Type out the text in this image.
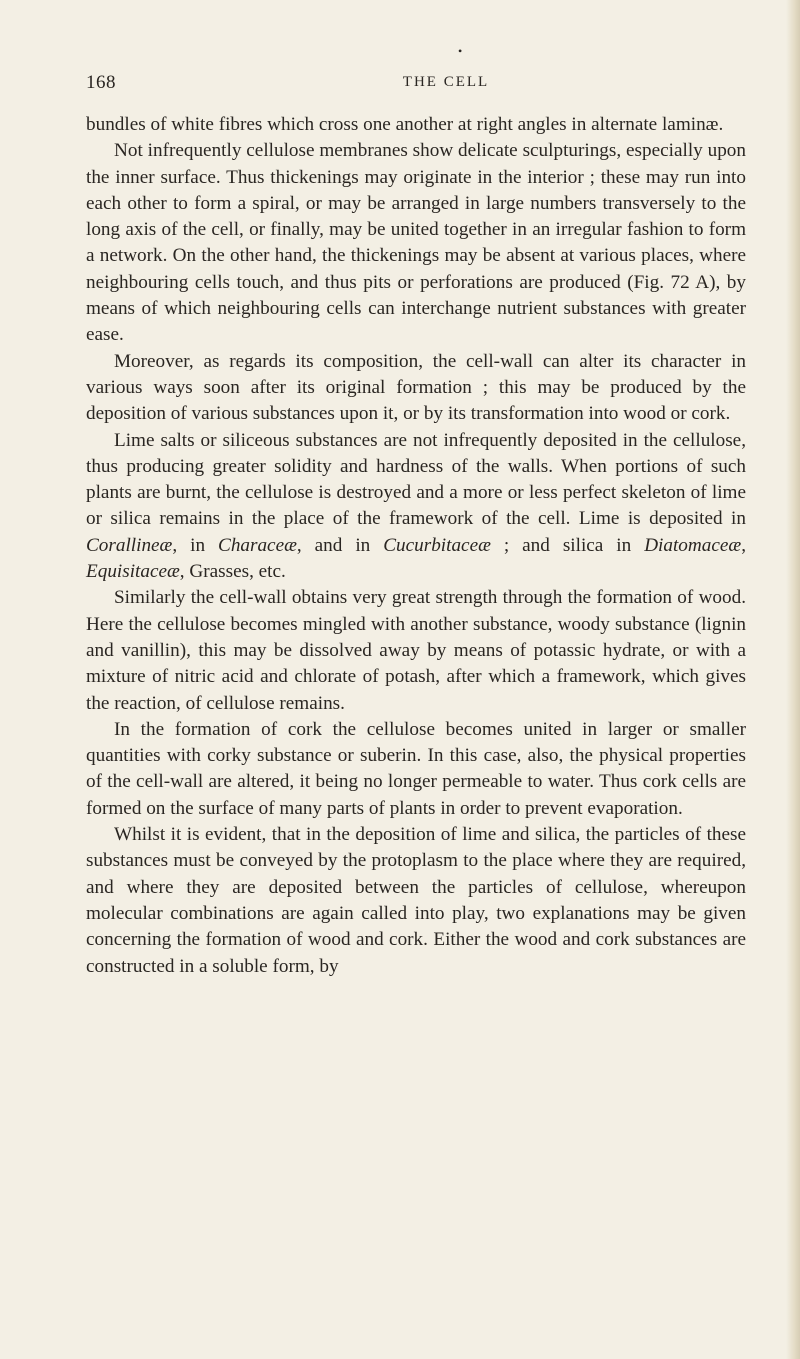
•
168	THE CELL

bundles of white fibres which cross one another at right angles in alternate laminæ.

Not infrequently cellulose membranes show delicate sculpturings, especially upon the inner surface. Thus thickenings may originate in the interior ; these may run into each other to form a spiral, or may be arranged in large numbers transversely to the long axis of the cell, or finally, may be united together in an irregular fashion to form a network. On the other hand, the thickenings may be absent at various places, where neighbouring cells touch, and thus pits or perforations are produced (Fig. 72 A), by means of which neighbouring cells can interchange nutrient substances with greater ease.

Moreover, as regards its composition, the cell-wall can alter its character in various ways soon after its original formation ; this may be produced by the deposition of various substances upon it, or by its transformation into wood or cork.

Lime salts or siliceous substances are not infrequently deposited in the cellulose, thus producing greater solidity and hardness of the walls. When portions of such plants are burnt, the cellulose is destroyed and a more or less perfect skeleton of lime or silica remains in the place of the framework of the cell. Lime is deposited in Corallineæ, in Characeæ, and in Cucurbitaceæ ; and silica in Diatomaceæ, Equisitaceæ, Grasses, etc.

Similarly the cell-wall obtains very great strength through the formation of wood. Here the cellulose becomes mingled with another substance, woody substance (lignin and vanillin), this may be dissolved away by means of potassic hydrate, or with a mixture of nitric acid and chlorate of potash, after which a framework, which gives the reaction, of cellulose remains.

In the formation of cork the cellulose becomes united in larger or smaller quantities with corky substance or suberin. In this case, also, the physical properties of the cell-wall are altered, it being no longer permeable to water. Thus cork cells are formed on the surface of many parts of plants in order to prevent evaporation.

Whilst it is evident, that in the deposition of lime and silica, the particles of these substances must be conveyed by the protoplasm to the place where they are required, and where they are deposited between the particles of cellulose, whereupon molecular combinations are again called into play, two explanations may be given concerning the formation of wood and cork. Either the wood and cork substances are constructed in a soluble form, by
